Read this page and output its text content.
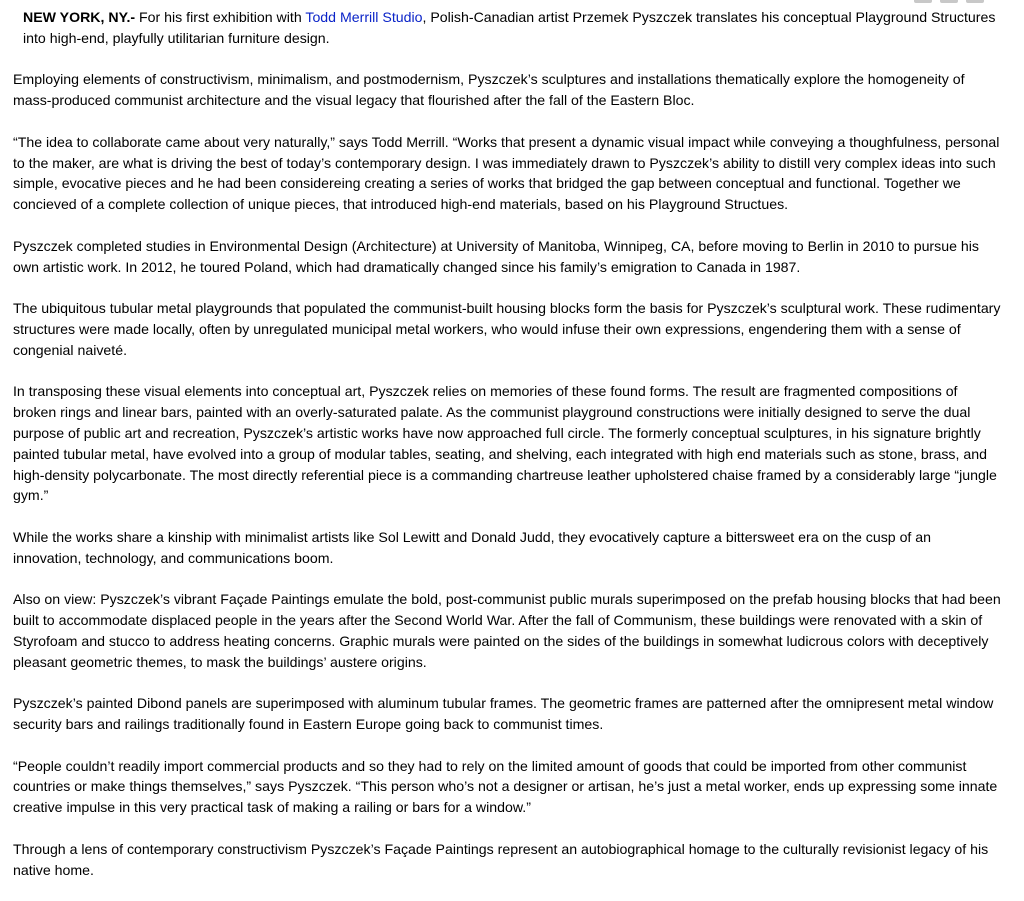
NEW YORK, NY.- For his first exhibition with Todd Merrill Studio, Polish-Canadian artist Przemek Pyszczek translates his conceptual Playground Structures into high-end, playfully utilitarian furniture design.

Employing elements of constructivism, minimalism, and postmodernism, Pyszczek’s sculptures and installations thematically explore the homogeneity of mass-produced communist architecture and the visual legacy that flourished after the fall of the Eastern Bloc.

“The idea to collaborate came about very naturally,” says Todd Merrill. “Works that present a dynamic visual impact while conveying a thoughfulness, personal to the maker, are what is driving the best of today’s contemporary design. I was immediately drawn to Pyszczek’s ability to distill very complex ideas into such simple, evocative pieces and he had been considereing creating a series of works that bridged the gap between conceptual and functional. Together we concieved of a complete collection of unique pieces, that introduced high-end materials, based on his Playground Structues.

Pyszczek completed studies in Environmental Design (Architecture) at University of Manitoba, Winnipeg, CA, before moving to Berlin in 2010 to pursue his own artistic work. In 2012, he toured Poland, which had dramatically changed since his family’s emigration to Canada in 1987.

The ubiquitous tubular metal playgrounds that populated the communist-built housing blocks form the basis for Pyszczek’s sculptural work. These rudimentary structures were made locally, often by unregulated municipal metal workers, who would infuse their own expressions, engendering them with a sense of congenial naiveté.

In transposing these visual elements into conceptual art, Pyszczek relies on memories of these found forms. The result are fragmented compositions of broken rings and linear bars, painted with an overly-saturated palate. As the communist playground constructions were initially designed to serve the dual purpose of public art and recreation, Pyszczek’s artistic works have now approached full circle. The formerly conceptual sculptures, in his signature brightly painted tubular metal, have evolved into a group of modular tables, seating, and shelving, each integrated with high end materials such as stone, brass, and high-density polycarbonate. The most directly referential piece is a commanding chartreuse leather upholstered chaise framed by a considerably large “jungle gym.”

While the works share a kinship with minimalist artists like Sol Lewitt and Donald Judd, they evocatively capture a bittersweet era on the cusp of an innovation, technology, and communications boom.

Also on view: Pyszczek’s vibrant Façade Paintings emulate the bold, post-communist public murals superimposed on the prefab housing blocks that had been built to accommodate displaced people in the years after the Second World War. After the fall of Communism, these buildings were renovated with a skin of Styrofoam and stucco to address heating concerns. Graphic murals were painted on the sides of the buildings in somewhat ludicrous colors with deceptively pleasant geometric themes, to mask the buildings’ austere origins.

Pyszczek’s painted Dibond panels are superimposed with aluminum tubular frames. The geometric frames are patterned after the omnipresent metal window security bars and railings traditionally found in Eastern Europe going back to communist times.

“People couldn’t readily import commercial products and so they had to rely on the limited amount of goods that could be imported from other communist countries or make things themselves,” says Pyszczek. “This person who’s not a designer or artisan, he’s just a metal worker, ends up expressing some innate creative impulse in this very practical task of making a railing or bars for a window.”

Through a lens of contemporary constructivism Pyszczek’s Façade Paintings represent an autobiographical homage to the culturally revisionist legacy of his native home.
